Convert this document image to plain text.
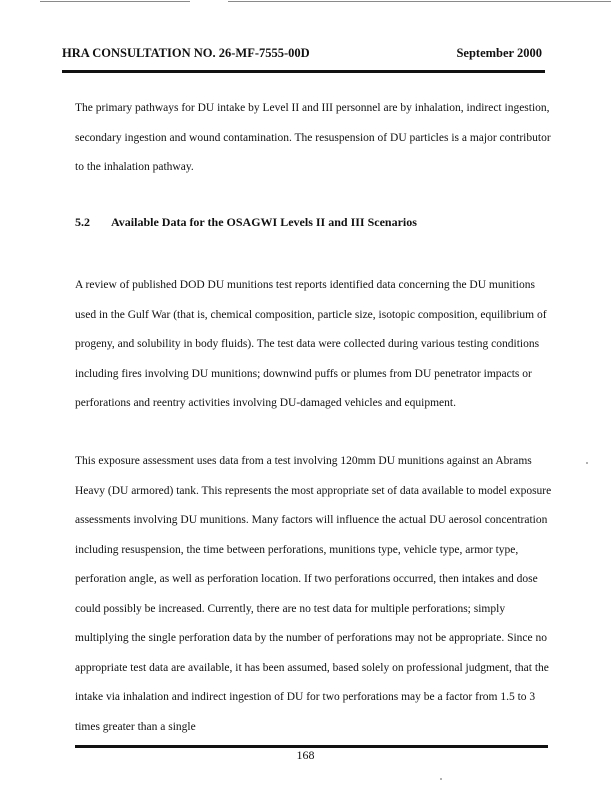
HRA CONSULTATION NO. 26-MF-7555-00D	September 2000

The primary pathways for DU intake by Level II and III personnel are by inhalation, indirect ingestion, secondary ingestion and wound contamination. The resuspension of DU particles is a major contributor to the inhalation pathway.

5.2 Available Data for the OSAGWI Levels II and III Scenarios

A review of published DOD DU munitions test reports identified data concerning the DU munitions used in the Gulf War (that is, chemical composition, particle size, isotopic composition, equilibrium of progeny, and solubility in body fluids). The test data were collected during various testing conditions including fires involving DU munitions; downwind puffs or plumes from DU penetrator impacts or perforations and reentry activities involving DU-damaged vehicles and equipment.

This exposure assessment uses data from a test involving 120mm DU munitions against an Abrams Heavy (DU armored) tank. This represents the most appropriate set of data available to model exposure assessments involving DU munitions. Many factors will influence the actual DU aerosol concentration including resuspension, the time between perforations, munitions type, vehicle type, armor type, perforation angle, as well as perforation location. If two perforations occurred, then intakes and dose could possibly be increased. Currently, there are no test data for multiple perforations; simply multiplying the single perforation data by the number of perforations may not be appropriate. Since no appropriate test data are available, it has been assumed, based solely on professional judgment, that the intake via inhalation and indirect ingestion of DU for two perforations may be a factor from 1.5 to 3 times greater than a single

168
